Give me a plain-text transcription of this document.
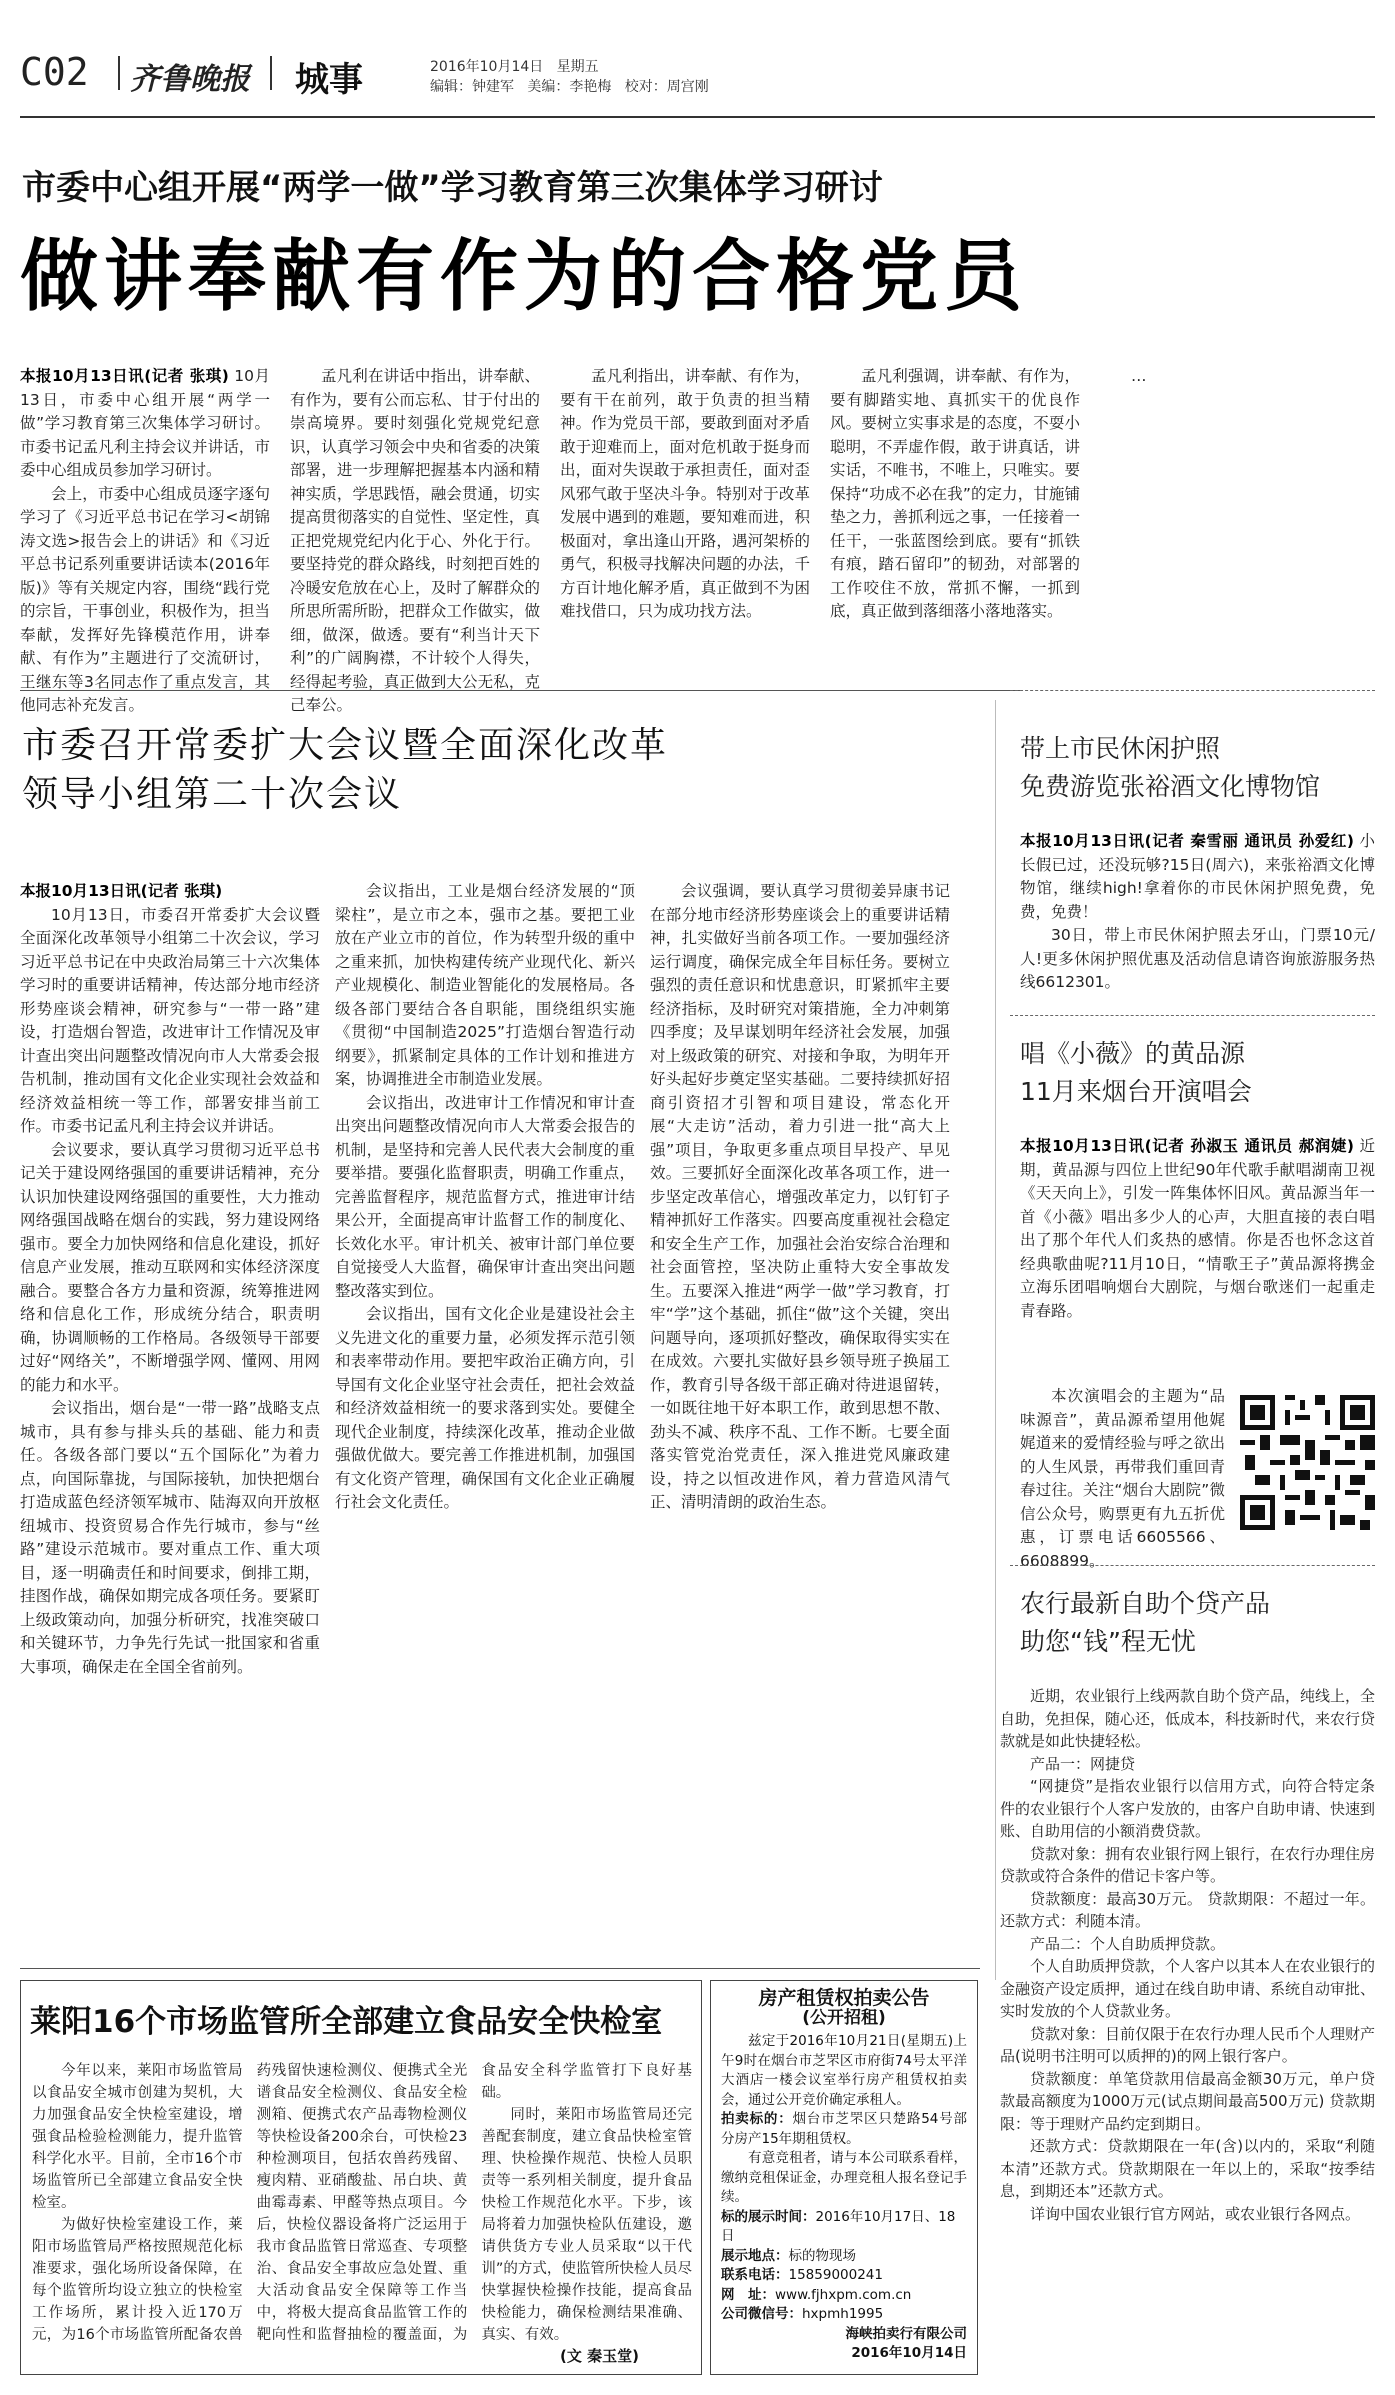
C02 齐鲁晚报 城事	2016年10月14日 星期五
编辑：钟建军   美编：李艳梅   校对：周宫刚
市委中心组开展“两学一做”学习教育第三次集体学习研讨
做讲奉献有作为的合格党员

本报10月13日讯(记者 张琪) 10月13日，市委中心组开展“两学一做”学习教育第三次集体学习研讨。市委书记孟凡利主持会议并讲话，市委中心组成员参加学习研讨。

会上，市委中心组成员逐字逐句学习了《习近平总书记在学习<胡锦涛文选>报告会上的讲话》和《习近平总书记系列重要讲话读本(2016年版)》等有关规定内容，围绕“践行党的宗旨，干事创业，积极作为，担当奉献，发挥好先锋模范作用，讲奉献、有作为”主题进行了交流研讨，王继东等3名同志作了重点发言，其他同志补充发言。

孟凡利在讲话中指出，讲奉献、有作为，要有公而忘私、甘于付出的崇高境界。要时刻强化党规党纪意识，认真学习领会中央和省委的决策部署，进一步理解把握基本内涵和精神实质，学思践悟，融会贯通，切实提高贯彻落实的自觉性、坚定性，真正把党规党纪内化于心、外化于行。要坚持党的群众路线，时刻把百姓的冷暖安危放在心上，及时了解群众的所思所需所盼，把群众工作做实，做细，做深，做透。要有“利当计天下利”的广阔胸襟，不计较个人得失，经得起考验，真正做到大公无私，克己奉公。

孟凡利指出，讲奉献、有作为，要有干在前列，敢于负责的担当精神。作为党员干部，要敢到面对矛盾敢于迎难而上，面对危机敢于挺身而出，面对失误敢于承担责任，面对歪风邪气敢于坚决斗争。特别对于改革发展中遇到的难题，要知难而进，积极面对，拿出逢山开路，遇河架桥的勇气，积极寻找解决问题的办法，千方百计地化解矛盾，真正做到不为困难找借口，只为成功找方法。

孟凡利强调，讲奉献、有作为，要有脚踏实地、真抓实干的优良作风。要树立实事求是的态度，不耍小聪明，不弄虚作假，敢于讲真话，讲实话，不唯书，不唯上，只唯实。要保持“功成不必在我”的定力，甘施铺垫之力，善抓利远之事，一任接着一任干，一张蓝图绘到底。要有“抓铁有痕，踏石留印”的韧劲，对部署的工作咬住不放，常抓不懈，一抓到底，真正做到落细落小落地落实。

…

市委召开常委扩大会议暨全面深化改革
领导小组第二十次会议

本报10月13日讯(记者 张琪)

10月13日，市委召开常委扩大会议暨全面深化改革领导小组第二十次会议，学习习近平总书记在中央政治局第三十六次集体学习时的重要讲话精神，传达部分地市经济形势座谈会精神，研究参与“一带一路”建设，打造烟台智造，改进审计工作情况及审计查出突出问题整改情况向市人大常委会报告机制，推动国有文化企业实现社会效益和经济效益相统一等工作，部署安排当前工作。市委书记孟凡利主持会议并讲话。

会议要求，要认真学习贯彻习近平总书记关于建设网络强国的重要讲话精神，充分认识加快建设网络强国的重要性，大力推动网络强国战略在烟台的实践，努力建设网络强市。要全力加快网络和信息化建设，抓好信息产业发展，推动互联网和实体经济深度融合。要整合各方力量和资源，统筹推进网络和信息化工作，形成统分结合，职责明确，协调顺畅的工作格局。各级领导干部要过好“网络关”，不断增强学网、懂网、用网的能力和水平。

会议指出，烟台是“一带一路”战略支点城市，具有参与排头兵的基础、能力和责任。各级各部门要以“五个国际化”为着力点，向国际靠拢，与国际接轨，加快把烟台打造成蓝色经济领军城市、陆海双向开放枢纽城市、投资贸易合作先行城市，参与“丝路”建设示范城市。要对重点工作、重大项目，逐一明确责任和时间要求，倒排工期，挂图作战，确保如期完成各项任务。要紧盯上级政策动向，加强分析研究，找准突破口和关键环节，力争先行先试一批国家和省重大事项，确保走在全国全省前列。

会议指出，工业是烟台经济发展的“顶梁柱”，是立市之本，强市之基。要把工业放在产业立市的首位，作为转型升级的重中之重来抓，加快构建传统产业现代化、新兴产业规模化、制造业智能化的发展格局。各级各部门要结合各自职能，围绕组织实施《贯彻“中国制造2025”打造烟台智造行动纲要》，抓紧制定具体的工作计划和推进方案，协调推进全市制造业发展。

会议指出，改进审计工作情况和审计查出突出问题整改情况向市人大常委会报告的机制，是坚持和完善人民代表大会制度的重要举措。要强化监督职责，明确工作重点，完善监督程序，规范监督方式，推进审计结果公开，全面提高审计监督工作的制度化、长效化水平。审计机关、被审计部门单位要自觉接受人大监督，确保审计查出突出问题整改落实到位。

会议指出，国有文化企业是建设社会主义先进文化的重要力量，必须发挥示范引领和表率带动作用。要把牢政治正确方向，引导国有文化企业坚守社会责任，把社会效益和经济效益相统一的要求落到实处。要健全现代企业制度，持续深化改革，推动企业做强做优做大。要完善工作推进机制，加强国有文化资产管理，确保国有文化企业正确履行社会文化责任。

会议强调，要认真学习贯彻姜异康书记在部分地市经济形势座谈会上的重要讲话精神，扎实做好当前各项工作。一要加强经济运行调度，确保完成全年目标任务。要树立强烈的责任意识和忧患意识，盯紧抓牢主要经济指标，及时研究对策措施，全力冲刺第四季度；及早谋划明年经济社会发展，加强对上级政策的研究、对接和争取，为明年开好头起好步奠定坚实基础。二要持续抓好招商引资招才引智和项目建设，常态化开展“大走访”活动，着力引进一批“高大上强”项目，争取更多重点项目早投产、早见效。三要抓好全面深化改革各项工作，进一步坚定改革信心，增强改革定力，以钉钉子精神抓好工作落实。四要高度重视社会稳定和安全生产工作，加强社会治安综合治理和社会面管控，坚决防止重特大安全事故发生。五要深入推进“两学一做”学习教育，打牢“学”这个基础，抓住“做”这个关键，突出问题导向，逐项抓好整改，确保取得实实在在成效。六要扎实做好县乡领导班子换届工作，教育引导各级干部正确对待进退留转，一如既往地干好本职工作，敢到思想不散、劲头不减、秩序不乱、工作不断。七要全面落实管党治党责任，深入推进党风廉政建设，持之以恒改进作风，着力营造风清气正、清明清朗的政治生态。

莱阳16个市场监管所全部建立食品安全快检室

今年以来，莱阳市场监管局以食品安全城市创建为契机，大力加强食品安全快检室建设，增强食品检验检测能力，提升监管科学化水平。目前，全市16个市场监管所已全部建立食品安全快检室。

为做好快检室建设工作，莱阳市场监管局严格按照规范化标准要求，强化场所设备保障，在每个监管所均设立独立的快检室工作场所，累计投入近170万元，为16个市场监管所配备农兽药残留快速检测仪、便携式全光谱食品安全检测仪、食品安全检测箱、便携式农产品毒物检测仪等快检设备200余台，可快检23种检测项目，包括农兽药残留、瘦肉精、亚硝酸盐、吊白块、黄曲霉毒素、甲醛等热点项目。今后，快检仪器设备将广泛运用于我市食品监管日常巡查、专项整治、食品安全事故应急处置、重大活动食品安全保障等工作当中，将极大提高食品监管工作的靶向性和监督抽检的覆盖面，为食品安全科学监管打下良好基础。

同时，莱阳市场监管局还完善配套制度，建立食品快检室管理、快检操作规范、快检人员职责等一系列相关制度，提升食品快检工作规范化水平。下步，该局将着力加强快检队伍建设，邀请供货方专业人员采取“以干代训”的方式，使监管所快检人员尽快掌握快检操作技能，提高食品快检能力，确保检测结果准确、真实、有效。

(文 秦玉堂)
房产租赁权拍卖公告
(公开招租)

兹定于2016年10月21日(星期五)上午9时在烟台市芝罘区市府街74号太平洋大酒店一楼会议室举行房产租赁权拍卖会，通过公开竞价确定承租人。

拍卖标的：烟台市芝罘区只楚路54号部分房产15年期租赁权。

有意竞租者，请与本公司联系看样，缴纳竞租保证金，办理竞租人报名登记手续。

标的展示时间：2016年10月17日、18日

展示地点：标的物现场

联系电话：15859000241

网　址：www.fjhxpm.com.cn

公司微信号：hxpmh1995

海峡拍卖行有限公司

2016年10月14日

带上市民休闲护照
免费游览张裕酒文化博物馆

本报10月13日讯(记者 秦雪丽 通讯员 孙爱红) 小长假已过，还没玩够?15日(周六)，来张裕酒文化博物馆，继续high!拿着你的市民休闲护照免费，免费，免费！

30日，带上市民休闲护照去牙山，门票10元/人!更多休闲护照优惠及活动信息请咨询旅游服务热线6612301。

唱《小薇》的黄品源
11月来烟台开演唱会

本报10月13日讯(记者 孙淑玉 通讯员 郝润婕) 近期，黄品源与四位上世纪90年代歌手献唱湖南卫视《天天向上》，引发一阵集体怀旧风。黄品源当年一首《小薇》唱出多少人的心声，大胆直接的表白唱出了那个年代人们炙热的感情。你是否也怀念这首经典歌曲呢?11月10日，“情歌王子”黄品源将携金立海乐团唱响烟台大剧院，与烟台歌迷们一起重走青春路。

本次演唱会的主题为“品味源音”，黄品源希望用他娓娓道来的爱情经验与呼之欲出的人生风景，再带我们重回青春过往。关注“烟台大剧院”微信公众号，购票更有九五折优惠，订票电话6605566、6608899。

农行最新自助个贷产品
助您“钱”程无忧

近期，农业银行上线两款自助个贷产品，纯线上，全自助，免担保，随心还，低成本，科技新时代，来农行贷款就是如此快捷轻松。

产品一：网捷贷

“网捷贷”是指农业银行以信用方式，向符合特定条件的农业银行个人客户发放的，由客户自助申请、快速到账、自助用信的小额消费贷款。

贷款对象：拥有农业银行网上银行，在农行办理住房贷款或符合条件的借记卡客户等。

贷款额度：最高30万元。 贷款期限：不超过一年。 还款方式：利随本清。

产品二：个人自助质押贷款。

个人自助质押贷款，个人客户以其本人在农业银行的金融资产设定质押，通过在线自助申请、系统自动审批、实时发放的个人贷款业务。

贷款对象：目前仅限于在农行办理人民币个人理财产品(说明书注明可以质押的)的网上银行客户。

贷款额度：单笔贷款用信最高金额30万元，单户贷款最高额度为1000万元(试点期间最高500万元) 贷款期限：等于理财产品约定到期日。

还款方式：贷款期限在一年(含)以内的，采取“利随本清”还款方式。贷款期限在一年以上的，采取“按季结息，到期还本”还款方式。

详询中国农业银行官方网站，或农业银行各网点。
